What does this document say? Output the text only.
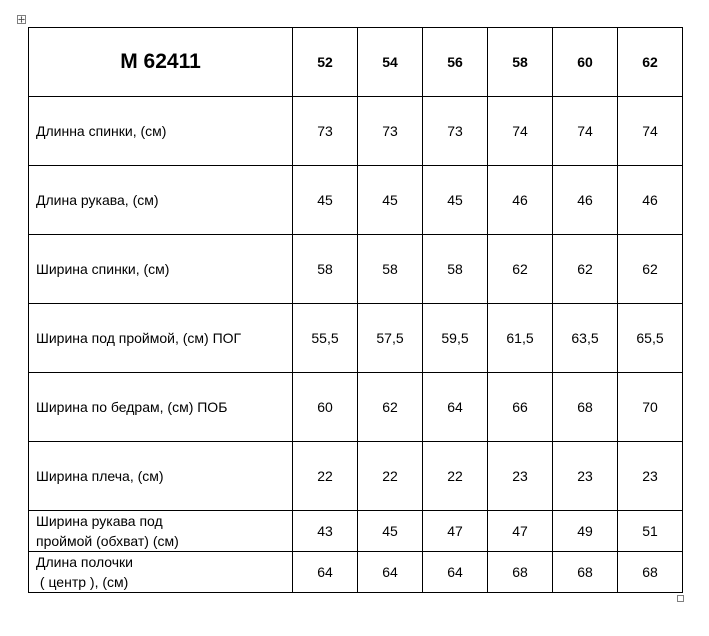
M 62411	52	54	56	58	60	62
Длинна спинки, (см)	73	73	73	74	74	74
Длина рукава, (см)	45	45	45	46	46	46
Ширина спинки, (см)	58	58	58	62	62	62
Ширина под проймой, (см) ПОГ	55,5	57,5	59,5	61,5	63,5	65,5
Ширина по бедрам, (см) ПОБ	60	62	64	66	68	70
Ширина плеча, (см)	22	22	22	23	23	23

Ширина рукава под
проймой (обхват) (см)	43	45	47	47	49	51

Длина полочки
( центр ), (см)	64	64	64	68	68	68
